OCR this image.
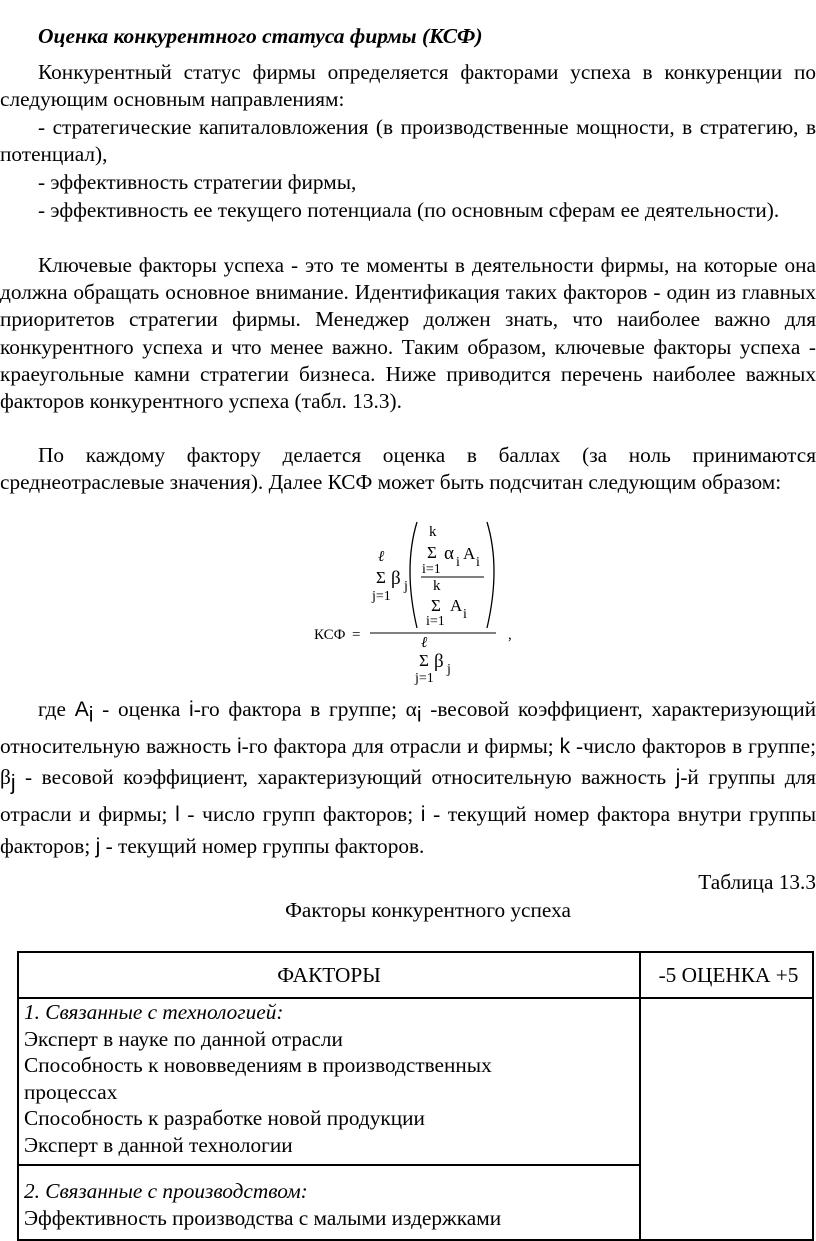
Оценка конкурентного статуса фирмы (КСФ)

Конкурентный статус фирмы определяется факторами успеха в конкуренции по следующим основным направлениям:

- стратегические капиталовложения (в производственные мощности, в стратегию, в потенциал),

- эффективность стратегии фирмы,

- эффективность ее текущего потенциала (по основным сферам ее деятельности).

Ключевые факторы успеха - это те моменты в деятельности фирмы, на которые она должна обращать основное внимание. Идентификация таких факторов - один из главных приоритетов стратегии фирмы. Менеджер должен знать, что наиболее важно для конкурентного успеха и что менее важно. Таким образом, ключевые факторы успеха - краеугольные камни стратегии бизнеса. Ниже приводится перечень наиболее важных факторов конкурентного успеха (табл. 13.3).

По каждому фактору делается оценка в баллах (за ноль принимаются среднеотраслевые значения). Далее КСФ может быть подсчитан следующим образом:

k
Σ α i A i
i=1
k
Σ A i
i=1
ℓ
Σ β j
j=1
КСФ =	,
ℓ
Σ β j
j=1

где $A_i$ - оценка i-го фактора в группе; $\alpha_i$ -весовой коэффициент, характеризующий относительную важность i-го фактора для отрасли и фирмы; k -число факторов в группе; $\beta_j$ - весовой коэффициент, характеризующий относительную важность j-й группы для отрасли и фирмы; l - число групп факторов; i - текущий номер фактора внутри группы факторов; j - текущий номер группы факторов.

Таблица 13.3
Факторы конкурентного успеха
ФАКТОРЫ	-5 ОЦЕНКА +5
1. Связанные с технологией:
Эксперт в науке по данной отрасли
Способность к нововведениям в производственных
процессах
Способность к разработке новой продукции
Эксперт в данной технологии
2. Связанные с производством:
Эффективность производства с малыми издержками
